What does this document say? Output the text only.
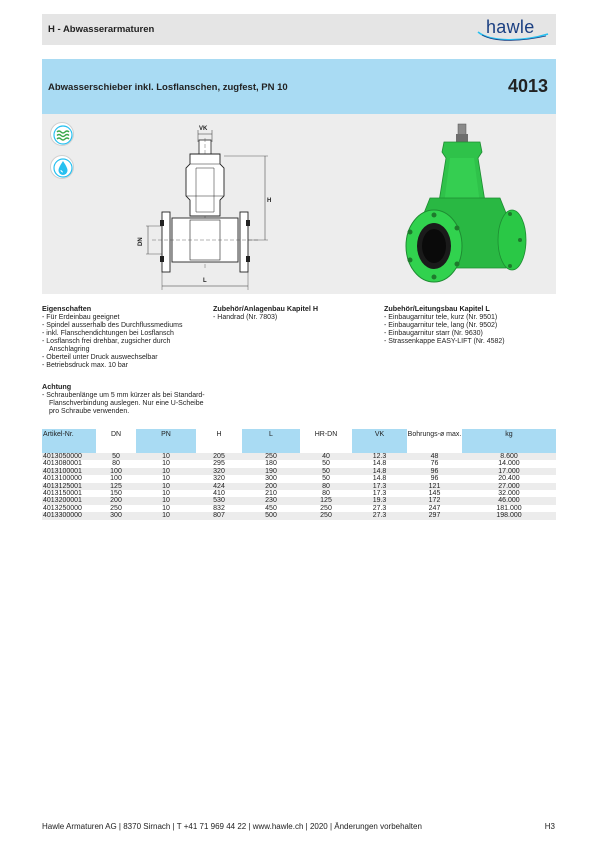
H - Abwasserarmaturen	hawle
Abwasserschieber inkl. Losflanschen, zugfest, PN 10	4013
VK
H
DN
L
Eigenschaften
- Für Erdeinbau geeignet
- Spindel ausserhalb des Durchflussmediums
- inkl. Flanschendichtungen bei Losflansch
- Losflansch frei drehbar, zugsicher durch Anschlagring
- Oberteil unter Druck auswechselbar
- Betriebsdruck max. 10 bar
Achtung
- Schraubenlänge um 5 mm kürzer als bei Standard-Flanschverbindung auslegen. Nur eine U-Scheibe pro Schraube verwenden.
Zubehör/Anlagenbau Kapitel H
- Handrad (Nr. 7803)
Zubehör/Leitungsbau Kapitel L
- Einbaugarnitur tele, kurz (Nr. 9501)
- Einbaugarnitur tele, lang (Nr. 9502)
- Einbaugarnitur starr (Nr. 9630)
- Strassenkappe EASY-LIFT (Nr. 4582)
Artikel-Nr.	DN	PN	H	L	HR-DN	VK	Bohrungs-ø max.	kg
4013050000	50	10	205	250	40	12.3	48	8.600
4013080001	80	10	295	180	50	14.8	76	14.000
4013100001	100	10	320	190	50	14.8	96	17.000
4013100000	100	10	320	300	50	14.8	96	20.400
4013125001	125	10	424	200	80	17.3	121	27.000
4013150001	150	10	410	210	80	17.3	145	32.000
4013200001	200	10	530	230	125	19.3	172	46.000
4013250000	250	10	832	450	250	27.3	247	181.000
4013300000	300	10	807	500	250	27.3	297	198.000
Hawle Armaturen AG | 8370 Sirnach | T +41 71 969 44 22 | www.hawle.ch | 2020 | Änderungen vorbehalten	H3
